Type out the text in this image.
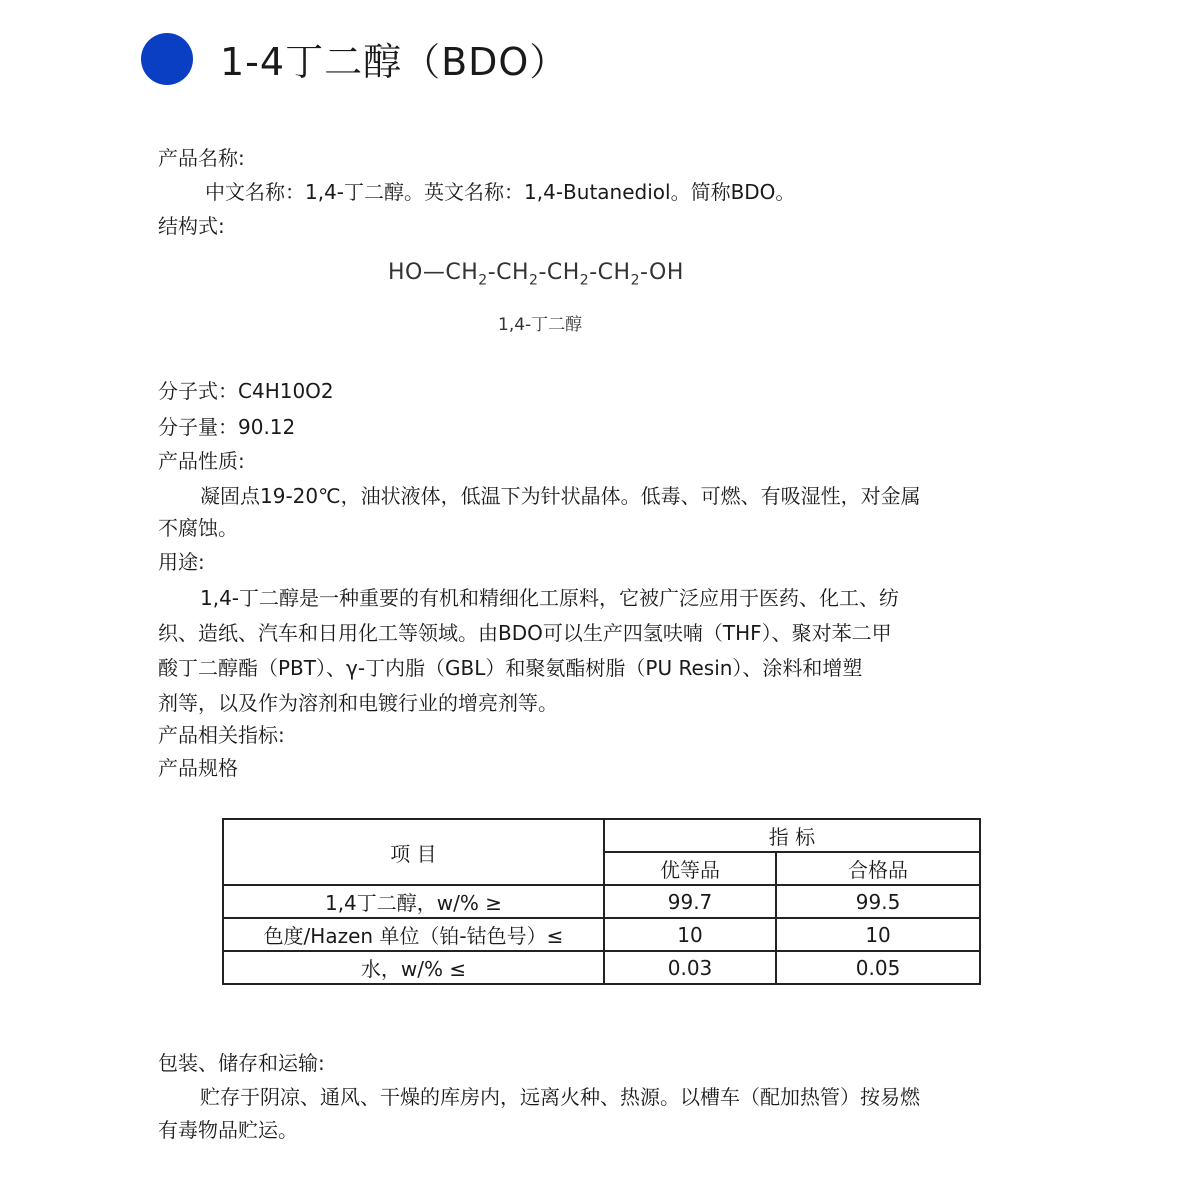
1-4丁二醇（BDO）
产品名称:
中文名称：1,4-丁二醇。英文名称：1,4-Butanediol。简称BDO。
结构式:
$HO—CH_2-CH_2-CH_2-CH_2-OH$
1,4-丁二醇
分子式：C4H10O2
分子量：90.12
产品性质:
凝固点19-20℃，油状液体，低温下为针状晶体。低毒、可燃、有吸湿性，对金属
不腐蚀。
用途:
1,4-丁二醇是一种重要的有机和精细化工原料，它被广泛应用于医药、化工、纺
织、造纸、汽车和日用化工等领域。由BDO可以生产四氢呋喃（THF）、聚对苯二甲
酸丁二醇酯（PBT）、γ-丁内脂（GBL）和聚氨酯树脂（PU Resin）、涂料和增塑
剂等，以及作为溶剂和电镀行业的增亮剂等。
产品相关指标:
产品规格
项 目	指 标	
	优等品	合格品
1,4丁二醇，w/% ≥	99.7	99.5
色度/Hazen 单位（铂-钴色号）≤	10	10
水，w/% ≤	0.03	0.05
包装、储存和运输:
贮存于阴凉、通风、干燥的库房内，远离火种、热源。以槽车（配加热管）按易燃
有毒物品贮运。
